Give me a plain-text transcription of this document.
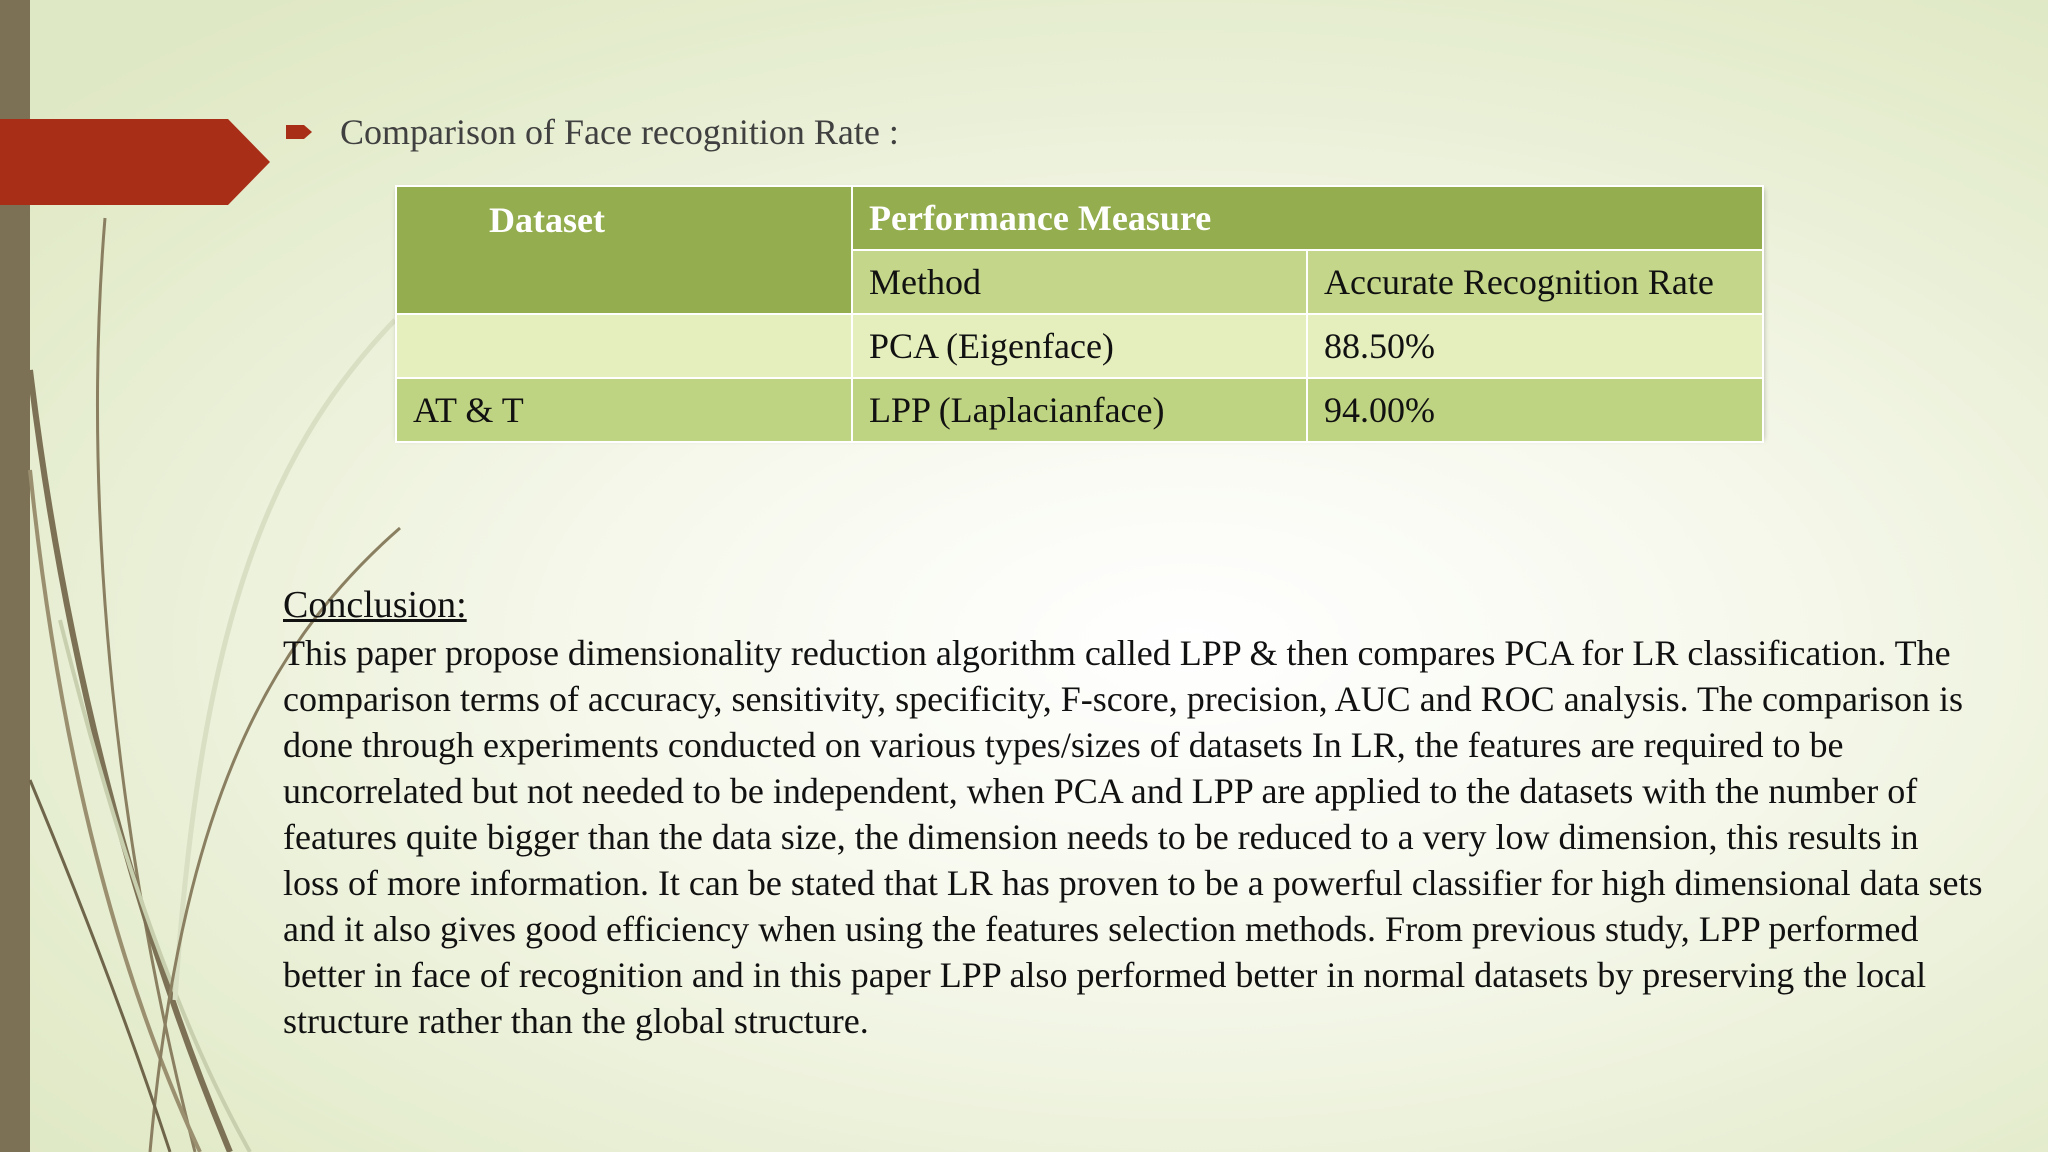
Comparison of Face recognition Rate :
Dataset	Performance Measure	
	Method	Accurate Recognition Rate
	PCA (Eigenface)	88.50%
AT & T	LPP (Laplacianface)	94.00%
Conclusion:
This paper propose dimensionality reduction algorithm called LPP & then compares PCA for LR classification. The comparison terms of accuracy, sensitivity, specificity, F-score, precision, AUC and ROC analysis. The comparison is done through experiments conducted on various types/sizes of datasets In LR, the features are required to be uncorrelated but not needed to be independent, when PCA and LPP are applied to the datasets with the number of features quite bigger than the data size, the dimension needs to be reduced to a very low dimension, this results in loss of more information. It can be stated that LR has proven to be a powerful classifier for high dimensional data sets and it also gives good efficiency when using the features selection methods. From previous study, LPP performed better in face of recognition and in this paper LPP also performed better in normal datasets by preserving the local structure rather than the global structure.
